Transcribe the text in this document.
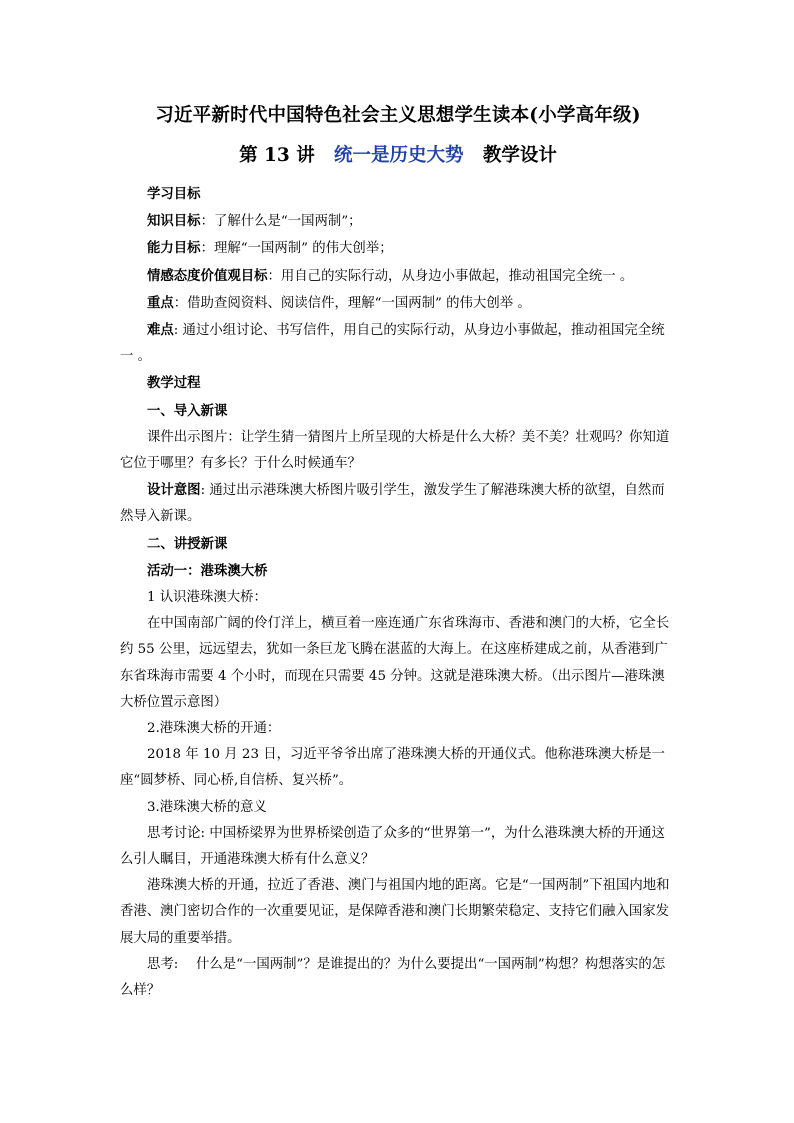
习近平新时代中国特色社会主义思想学生读本(小学高年级)
第 13 讲 统一是历史大势 教学设计

学习目标

知识目标：了解什么是“一国两制”；

能力目标：理解“一国两制” 的伟大创举；

情感态度价值观目标：用自己的实际行动，从身边小事做起，推动祖国完全统一 。

重点：借助查阅资料、阅读信件，理解“一国两制” 的伟大创举 。

难点: 通过小组讨论、书写信件，用自己的实际行动，从身边小事做起，推动祖国完全统一 。

教学过程

一、导入新课

课件出示图片：让学生猜一猜图片上所呈现的大桥是什么大桥？美不美？壮观吗？你知道它位于哪里？有多长？于什么时候通车？

设计意图: 通过出示港珠澳大桥图片吸引学生，激发学生了解港珠澳大桥的欲望，自然而然导入新课。

二、讲授新课

活动一：港珠澳大桥

1 认识港珠澳大桥：

在中国南部广阔的伶仃洋上，横亘着一座连通广东省珠海市、香港和澳门的大桥，它全长约 55 公里，远远望去，犹如一条巨龙飞腾在湛蓝的大海上。在这座桥建成之前，从香港到广东省珠海市需要 4 个小时，而现在只需要 45 分钟。这就是港珠澳大桥。（出示图片—港珠澳大桥位置示意图）

2.港珠澳大桥的开通：

2018 年 10 月 23 日，习近平爷爷出席了港珠澳大桥的开通仪式。他称港珠澳大桥是一座“圆梦桥、同心桥,自信桥、复兴桥”。

3.港珠澳大桥的意义

思考讨论: 中国桥梁界为世界桥梁创造了众多的“世界第一”，为什么港珠澳大桥的开通这么引人瞩目，开通港珠澳大桥有什么意义？

港珠澳大桥的开通，拉近了香港、澳门与祖国内地的距离。它是“一国两制”下祖国内地和香港、澳门密切合作的一次重要见证，是保障香港和澳门长期繁荣稳定、支持它们融入国家发展大局的重要举措。

思考:　 什么是“一国两制”？是谁提出的？为什么要提出“一国两制”构想？构想落实的怎么样？
